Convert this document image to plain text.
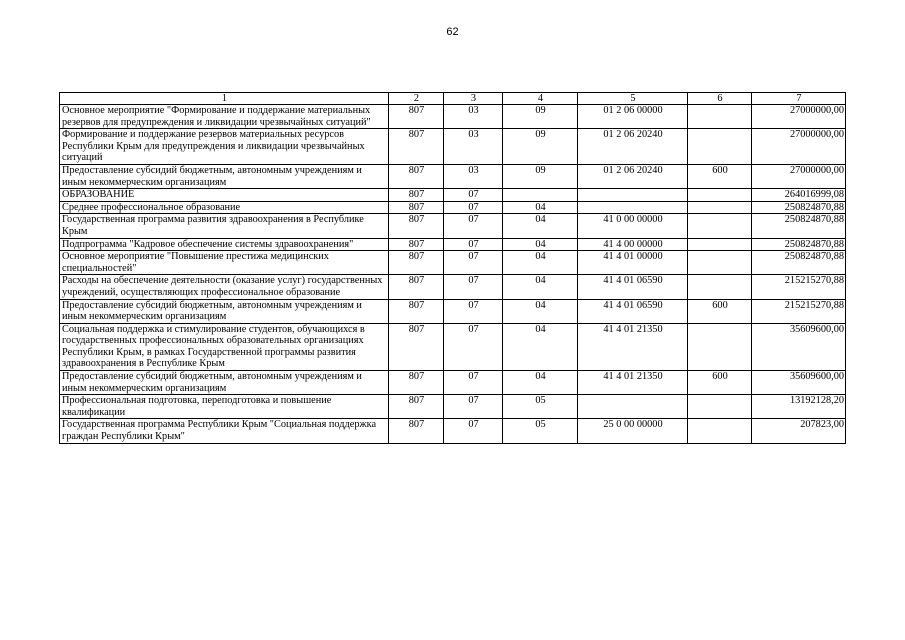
62
1	2	3	4	5	6	7
Основное мероприятие "Формирование и поддержание материальных резервов для предупреждения и ликвидации чрезвычайных ситуаций"	807	03	09	01 2 06 00000		27000000,00
Формирование и поддержание резервов материальных ресурсов Республики Крым для предупреждения и ликвидации чрезвычайных ситуаций	807	03	09	01 2 06 20240		27000000,00
Предоставление субсидий бюджетным, автономным учреждениям и иным некоммерческим организациям	807	03	09	01 2 06 20240	600	27000000,00
ОБРАЗОВАНИЕ	807	07				264016999,08
Среднее профессиональное образование	807	07	04			250824870,88
Государственная программа развития здравоохранения в Республике Крым	807	07	04	41 0 00 00000		250824870,88
Подпрограмма "Кадровое обеспечение системы здравоохранения"	807	07	04	41 4 00 00000		250824870,88
Основное мероприятие "Повышение престижа медицинских специальностей"	807	07	04	41 4 01 00000		250824870,88
Расходы на обеспечение деятельности (оказание услуг) государственных учреждений, осуществляющих профессиональное образование	807	07	04	41 4 01 06590		215215270,88
Предоставление субсидий бюджетным, автономным учреждениям и иным некоммерческим организациям	807	07	04	41 4 01 06590	600	215215270,88
Социальная поддержка и стимулирование студентов, обучающихся в государственных профессиональных образовательных организациях Республики Крым, в рамках Государственной программы развития здравоохранения в Республике Крым	807	07	04	41 4 01 21350		35609600,00
Предоставление субсидий бюджетным, автономным учреждениям и иным некоммерческим организациям	807	07	04	41 4 01 21350	600	35609600,00
Профессиональная подготовка, переподготовка и повышение квалификации	807	07	05			13192128,20
Государственная программа Республики Крым "Социальная поддержка граждан Республики Крым"	807	07	05	25 0 00 00000		207823,00
